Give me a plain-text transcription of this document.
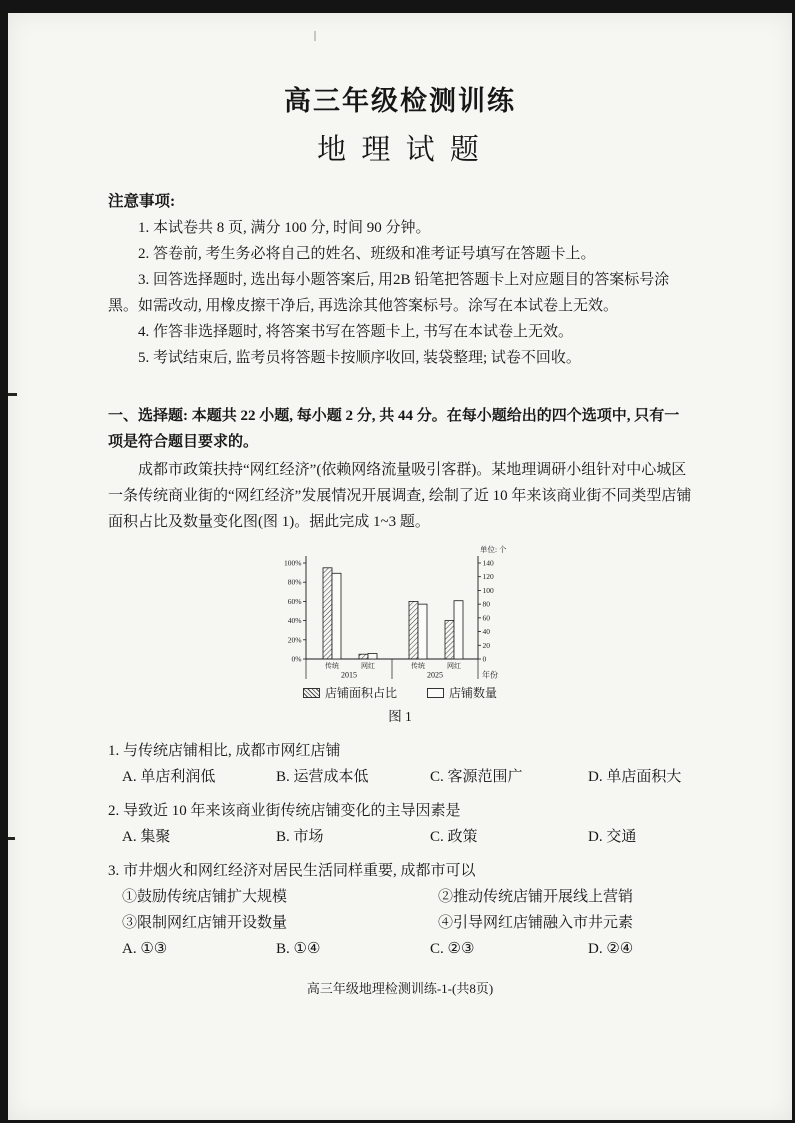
高三年级检测训练
地 理 试 题
注意事项:

1. 本试卷共 8 页, 满分 100 分, 时间 90 分钟。

2. 答卷前, 考生务必将自己的姓名、班级和准考证号填写在答题卡上。

3. 回答选择题时, 选出每小题答案后, 用2B 铅笔把答题卡上对应题目的答案标号涂黑。如需改动, 用橡皮擦干净后, 再选涂其他答案标号。涂写在本试卷上无效。

4. 作答非选择题时, 将答案书写在答题卡上, 书写在本试卷上无效。

5. 考试结束后, 监考员将答题卡按顺序收回, 装袋整理; 试卷不回收。

一、选择题: 本题共 22 小题, 每小题 2 分, 共 44 分。在每小题给出的四个选项中, 只有一项是符合题目要求的。

成都市政策扶持“网红经济”(依赖网络流量吸引客群)。某地理调研小组针对中心城区一条传统商业街的“网红经济”发展情况开展调查, 绘制了近 10 年来该商业街不同类型店铺面积占比及数量变化图(图 1)。据此完成 1~3 题。

单位: 个
0%
20%
40%
60%
80%
100%
0
20
40
60
80
100
120
140
传统	网红
2015
传统	网红
2025	年份
店铺面积占比	店铺数量
图 1

1. 与传统店铺相比, 成都市网红店铺

A. 单店利润低	B. 运营成本低	C. 客源范围广	D. 单店面积大

2. 导致近 10 年来该商业街传统店铺变化的主导因素是

A. 集聚	B. 市场	C. 政策	D. 交通

3. 市井烟火和网红经济对居民生活同样重要, 成都市可以

①鼓励传统店铺扩大规模	②推动传统店铺开展线上营销
③限制网红店铺开设数量	④引导网红店铺融入市井元素
A. ①③	B. ①④	C. ②③	D. ②④
高三年级地理检测训练-1-(共8页)
